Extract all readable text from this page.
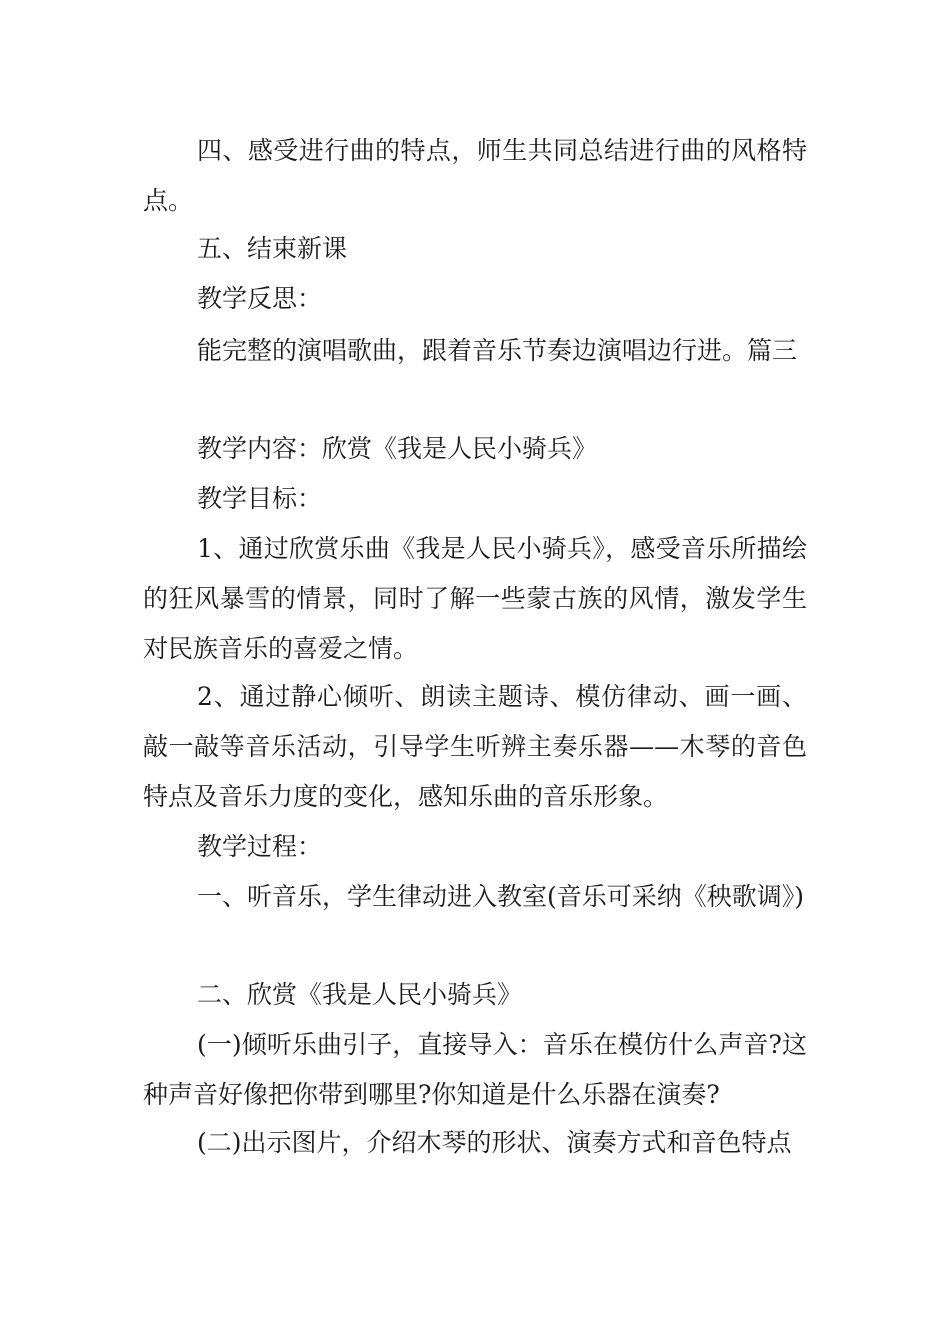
四、感受进行曲的特点，师生共同总结进行曲的风格特点。

五、结束新课

教学反思：

能完整的演唱歌曲，跟着音乐节奏边演唱边行进。篇三

教学内容：欣赏《我是人民小骑兵》

教学目标：

1、通过欣赏乐曲《我是人民小骑兵》，感受音乐所描绘的狂风暴雪的情景，同时了解一些蒙古族的风情，激发学生对民族音乐的喜爱之情。

2、通过静心倾听、朗读主题诗、模仿律动、画一画、敲一敲等音乐活动，引导学生听辨主奏乐器——木琴的音色特点及音乐力度的变化，感知乐曲的音乐形象。

教学过程：

一、听音乐，学生律动进入教室(音乐可采纳《秧歌调》)

二、欣赏《我是人民小骑兵》

(一)倾听乐曲引子，直接导入：音乐在模仿什么声音?这种声音好像把你带到哪里?你知道是什么乐器在演奏?

(二)出示图片，介绍木琴的形状、演奏方式和音色特点
